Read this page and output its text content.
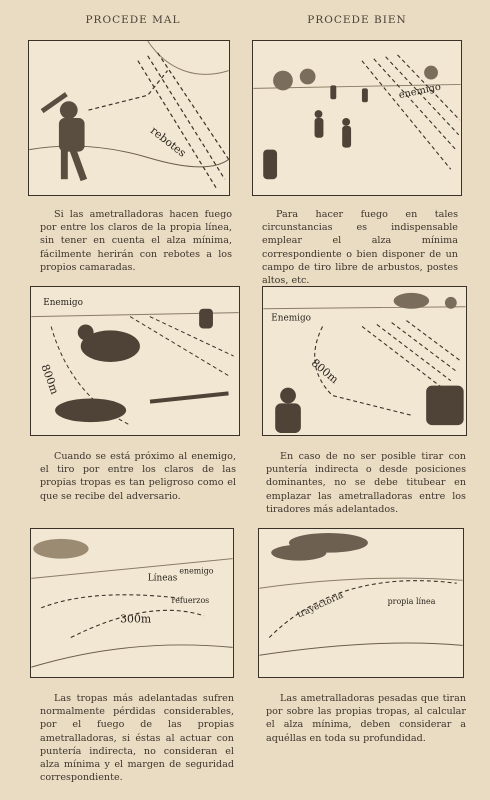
PROCEDE MAL	PROCEDE BIEN
rebotes
enemigo
Si las ametralladoras hacen fuego por entre los claros de la propia línea, sin tener en cuenta el alza mínima, fácilmente herirán con rebotes a los propios camaradas.
Para hacer fuego en tales circunstancias es indispensable emplear el alza mínima correspondiente o bien disponer de un campo de tiro libre de arbustos, postes altos, etc.
Enemigo
800m
Enemigo
800m
Cuando se está próximo al enemigo, el tiro por entre los claros de las propias tropas es tan peligroso como el que se recibe del adversario.
En caso de no ser posible tirar con puntería indirecta o desde posiciones dominantes, no se debe titubear en emplazar las ametralladoras entre los tiradores más adelantados.
Líneas
enemigo
refuerzos
300m	trayectoria	propia línea
Las tropas más adelantadas sufren normalmente pérdidas considerables, por el fuego de las propias ametralladoras, si éstas al actuar con puntería indirecta, no consideran el alza mínima y el margen de seguridad correspondiente.
Las ametralladoras pesadas que tiran por sobre las propias tropas, al calcular el alza mínima, deben considerar a aquéllas en toda su profundidad.
